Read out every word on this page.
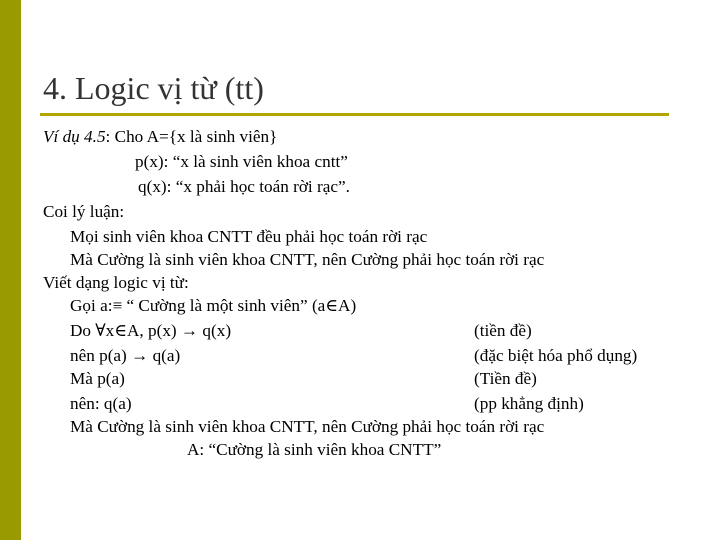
4. Logic vị từ (tt)
Ví dụ 4.5: Cho A={x là sinh viên}
p(x): “x là sinh viên khoa cntt”
q(x): “x phải học toán rời rạc”.
Coi lý luận:
Mọi sinh viên khoa CNTT đều phải học toán rời rạc
Mà Cường là sinh viên khoa CNTT, nên Cường phải học toán rời rạc
Viết dạng logic vị từ:
Gọi a:≡ “ Cường là một sinh viên” (a∈A)
Do ∀x∈A, p(x) → q(x)	(tiền đề)
nên p(a) → q(a)	(đặc biệt hóa phổ dụng)
Mà p(a)	(Tiền đề)
nên: q(a)	(pp khẳng định)
Mà Cường là sinh viên khoa CNTT, nên Cường phải học toán rời rạc
A: “Cường là sinh viên khoa CNTT”
